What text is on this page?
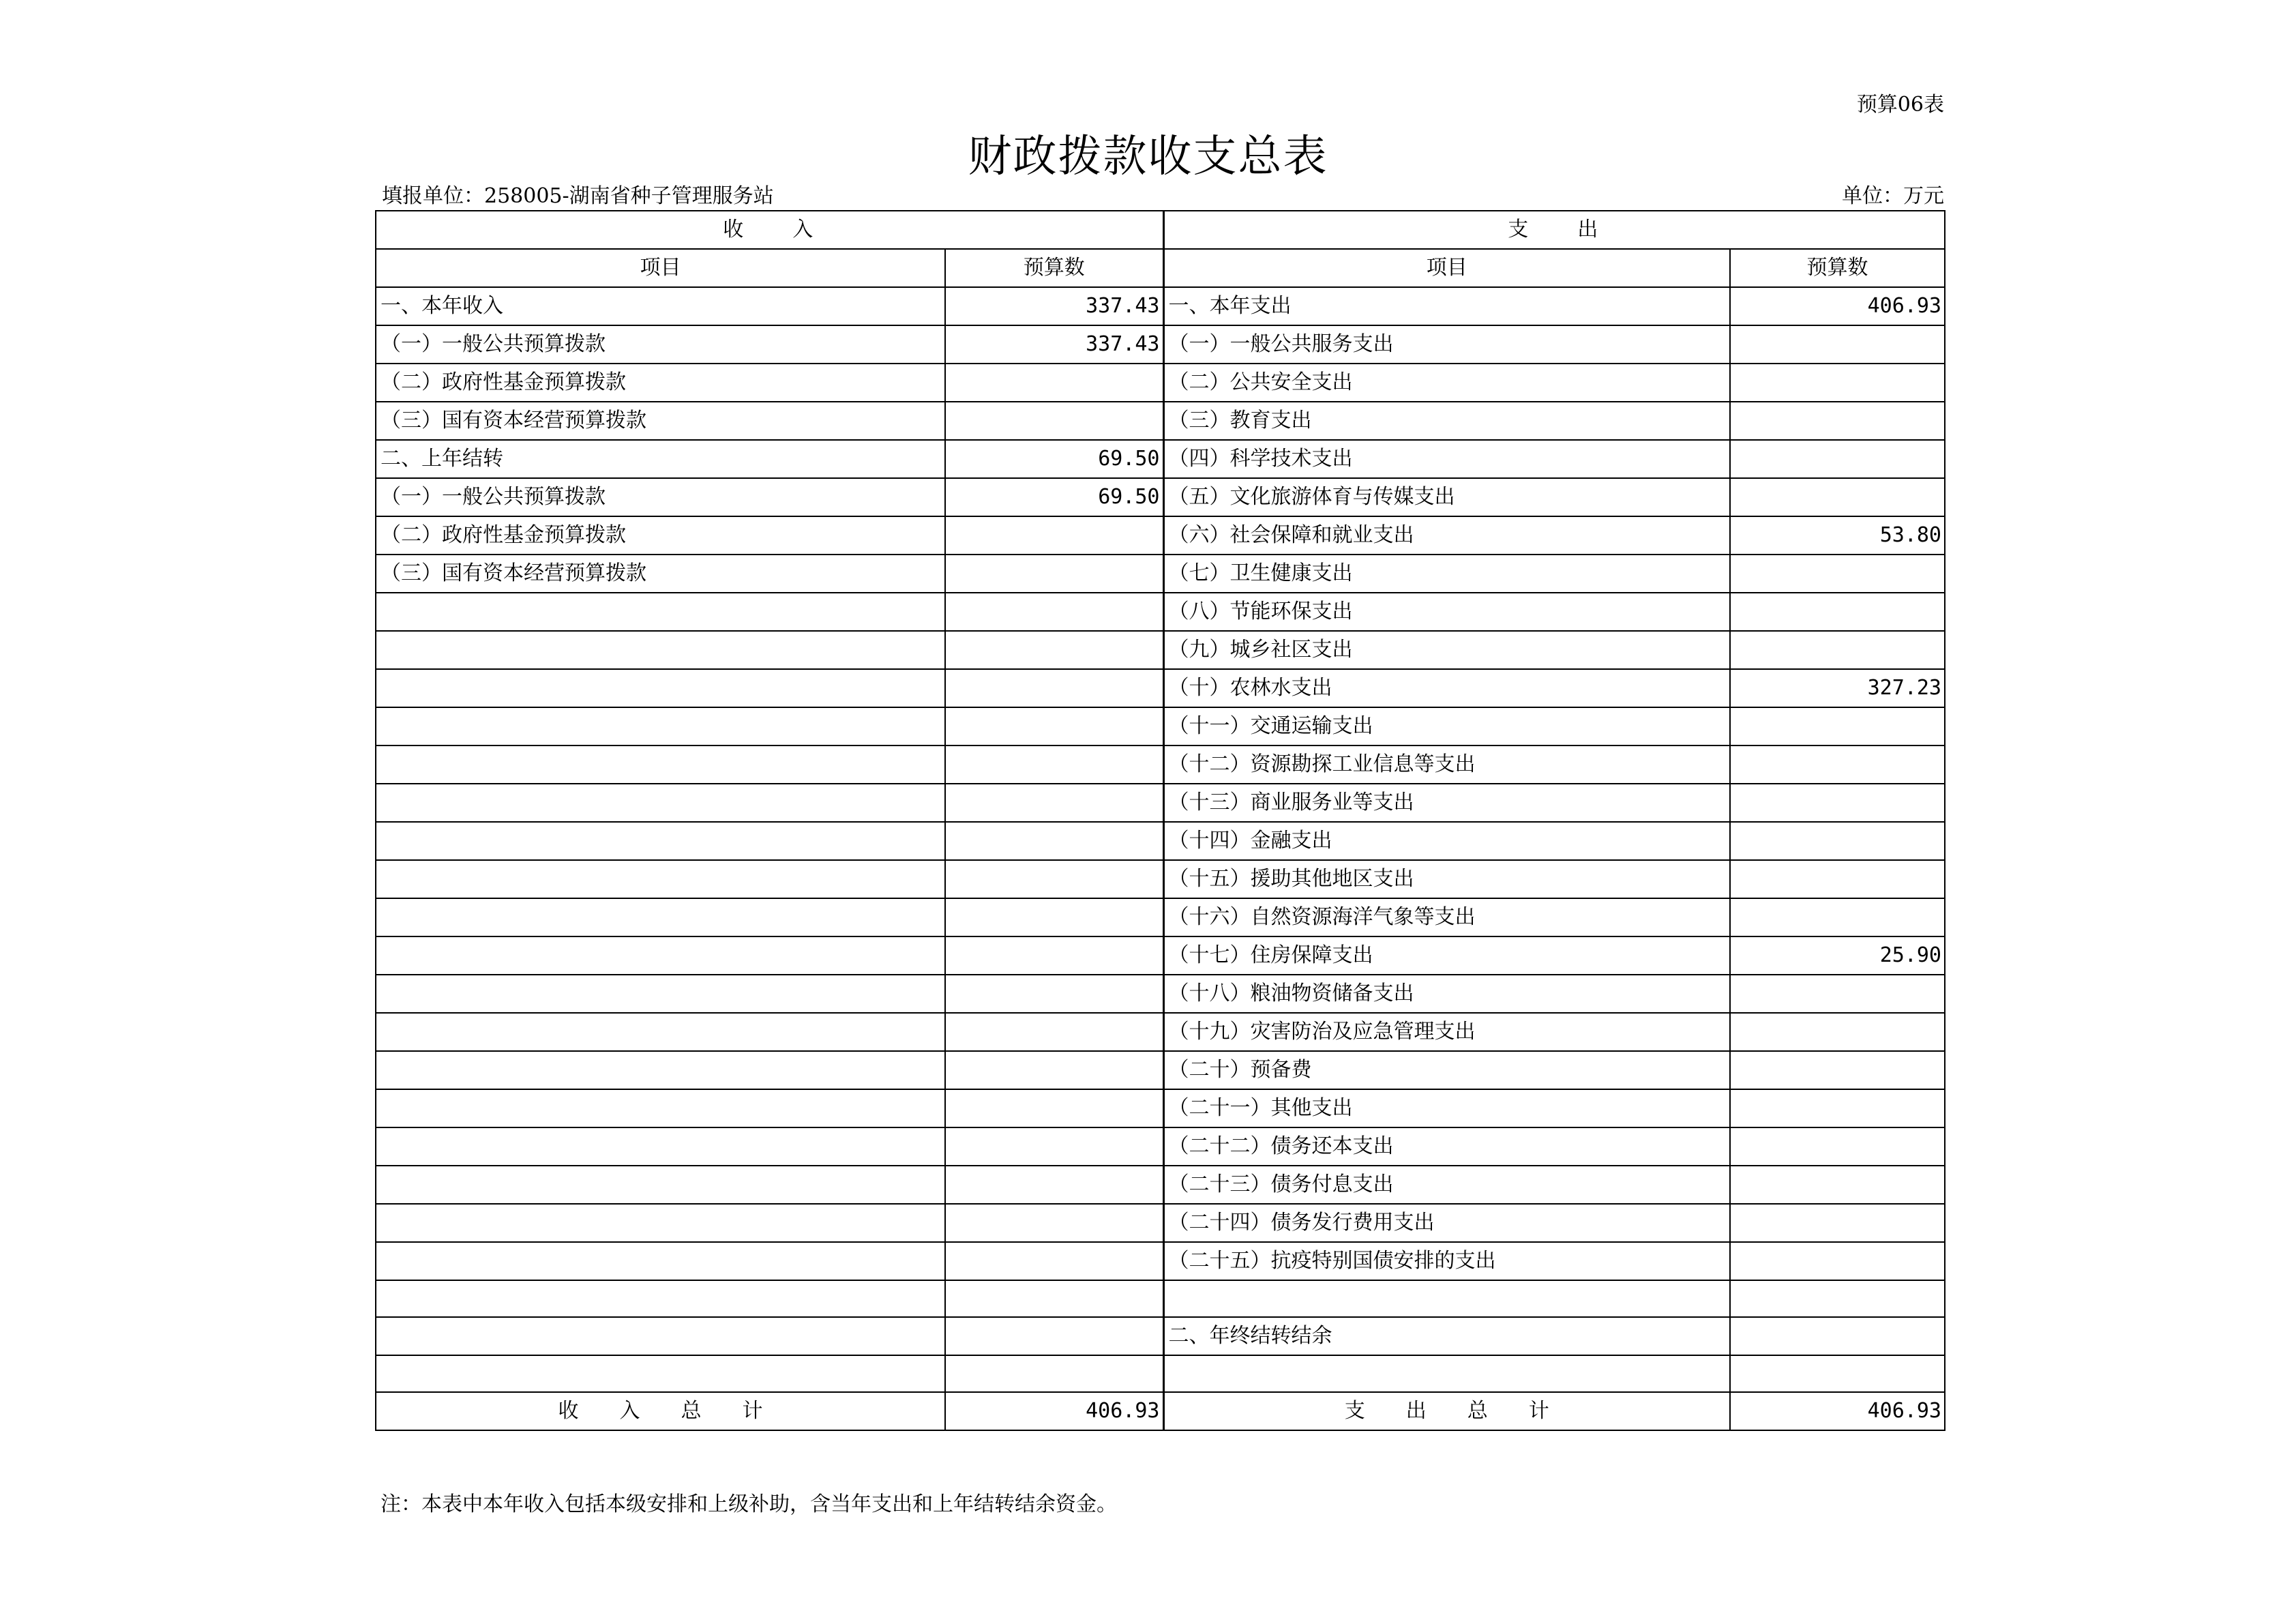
预算06表
财政拨款收支总表
填报单位：258005-湖南省种子管理服务站	单位：万元
收　　入		支　　出	
项目	预算数	项目	预算数
一、本年收入	337.43	一、本年支出	406.93
（一）一般公共预算拨款	337.43	（一）一般公共服务支出	
（二）政府性基金预算拨款		（二）公共安全支出	
（三）国有资本经营预算拨款		（三）教育支出	
二、上年结转	69.50	（四）科学技术支出	
（一）一般公共预算拨款	69.50	（五）文化旅游体育与传媒支出	
（二）政府性基金预算拨款		（六）社会保障和就业支出	53.80
（三）国有资本经营预算拨款		（七）卫生健康支出	
		（八）节能环保支出	
		（九）城乡社区支出	
		（十）农林水支出	327.23
		（十一）交通运输支出	
		（十二）资源勘探工业信息等支出	
		（十三）商业服务业等支出	
		（十四）金融支出	
		（十五）援助其他地区支出	
		（十六）自然资源海洋气象等支出	
		（十七）住房保障支出	25.90
		（十八）粮油物资储备支出	
		（十九）灾害防治及应急管理支出	
		（二十）预备费	
		（二十一）其他支出	
		（二十二）债务还本支出	
		（二十三）债务付息支出	
		（二十四）债务发行费用支出	
		（二十五）抗疫特别国债安排的支出	

		二、年终结转结余	

收　　入　　总　　计	406.93	支　　出　　总　　计	406.93
注：本表中本年收入包括本级安排和上级补助，含当年支出和上年结转结余资金。
